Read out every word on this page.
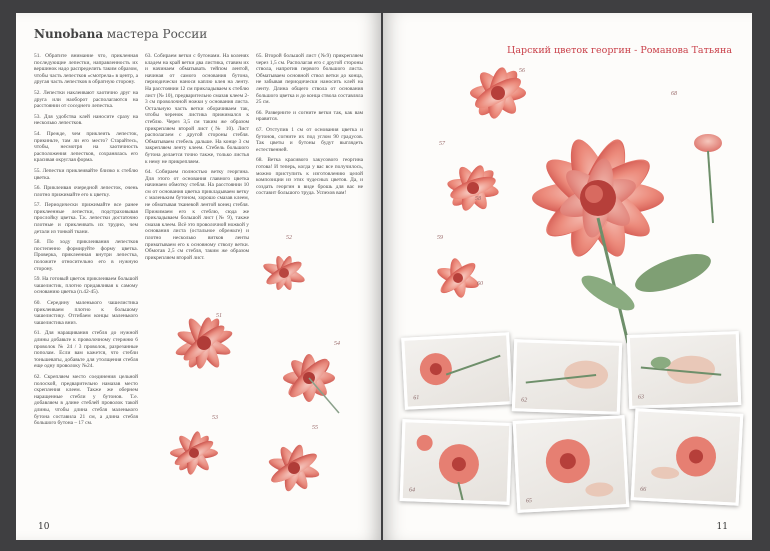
Nunobana мастера России

51. Обратите внимание что, прикленная последующие лепестки, направленность их вершинок надо распределить таким образом, чтобы часть лепестков «смотрела» в центр, а другая часть лепестков в обратную сторону.

52. Лепестки наклеивают хаотично друг на друга или наоборот располагаются на расстоянии от соседнего лепестка.

53. Для удобства клей наносите сразу на несколько лепестков.

54. Прежде, чем приклеить лепесток, прикиньте, там ли его место? Старайтесь, чтобы, несмотря на хаотичность расположения лепестков, сохранялась его красивая округлая форма.

55. Лепестки приклеивайте близко к стеблю цветка.

56. Приклеивая очередной лепесток, очень плотно прижимайте его к цветку.

57. Периодически прижимайте все ранее приклеенные лепестки, подстраховывая прослойку цветка. Т.к. лепестки достаточно плотные и приклеивать их трудно, чем детали из тонкой ткани.

58. По ходу приклеивания лепестков постепенно формируйте форму цветка. Проверка, приклеенная внутри лепестка, положите относительно его в нужную сторону.

59. На готовый цветок приклеиваем большой чашелистик, плотно придавливая к самому основанию цветка (п.42-45).

60. Середину маленького чашелистика приклеиваем плотно к большому чашелистику. Отгибаем концы маленького чашелистика вниз.

61. Для наращивания стебля до нужной длины добавьте к проволочному стержню 6 проволок № 24 / 3 проволок, разрезанные пополам. Если вам кажется, что стебли тоньшеваты, добавьте для утолщения стебля еще одну проволоку №24.

62. Скрепляем место соединения цельной полоской, предварительно намазав место скрепления клеем. Также же обернем наращенные стебли у бутонов. Т.е. добавляем в длине стеблей проволок такой длины, чтобы длина стебля маленького бутона составила 21 см, а длина стебля большого бутона – 17 см.

63. Собираем ветки с бутонами. На коленях кладем на край ветки два листика, ставим их и начинаем обматывать тейпом лентой, начиная от самого основания бутона, периодически нанося каплю клея на ленту. На расстоянии 12 см прикладываем к стеблю лист (№ 10), предварительно смазав клеем 2-3 см проволочной ножки у основания листа. Остальную часть ветки оборачиваем так, чтобы черенок листика прижимался к стеблю. Через 3,5 см таким же образом прикрепляем второй лист (№ 10). Лист располагаем с другой стороны стебля. Обматываем стебель дальше. На конце 3 см закрепляем ленту клеем. Стебель большого бутона делается точно также, только листья к нему не прикрепляем.

64. Собираем полностью ветку георгина. Для этого от основания главного цветка начинаем обмотку стебля. На расстоянии 10 см от основания цветка прикладываем ветку с маленьким бутоном, хорошо смазав клеем, не обматывая тканевой лентой конец стебля. Прижимаем его к стеблю, сюда же прикладываем большой лист (№ 9), также смазав клеем. Всё это проволочной ножкой у основания листа (остальное обрежьте) и плотно несколько витков ленты приматываем его к основному стволу ветки. Обмотав 2,5 см стебля, таким же образом прикрепляем второй лист.

65. Второй большой лист (№9) прикрепляем через 1,5 см. Располагая его с другой стороны ствола, напротив первого большого листа. Обматываем основной ствол ветки до конца, не забывая периодически наносить клей на ленту. Длина общего ствола от основания большого цветка и до конца ствола составляла 25 см.

66. Разверните и согните ветки так, как вам нравится.

67. Отступив 1 см от основания цветка и бутонов, согните их под углом 90 градусов. Так цветы и бутоны будут выглядеть естественней.

68. Ветка красивого хакусового георгина готова! И теперь, когда у вас все получилось, можно приступить к изготовлению целой композиции из этих чудесных цветов. Да, и создать георгин в виде брошь для вас не составит большого труда. Успехов вам!

52
51
54
53
55
10
Царский цветок георгин - Романова Татьяна
56
57
58
59
60
68
61	62	63
64
65
66
11
